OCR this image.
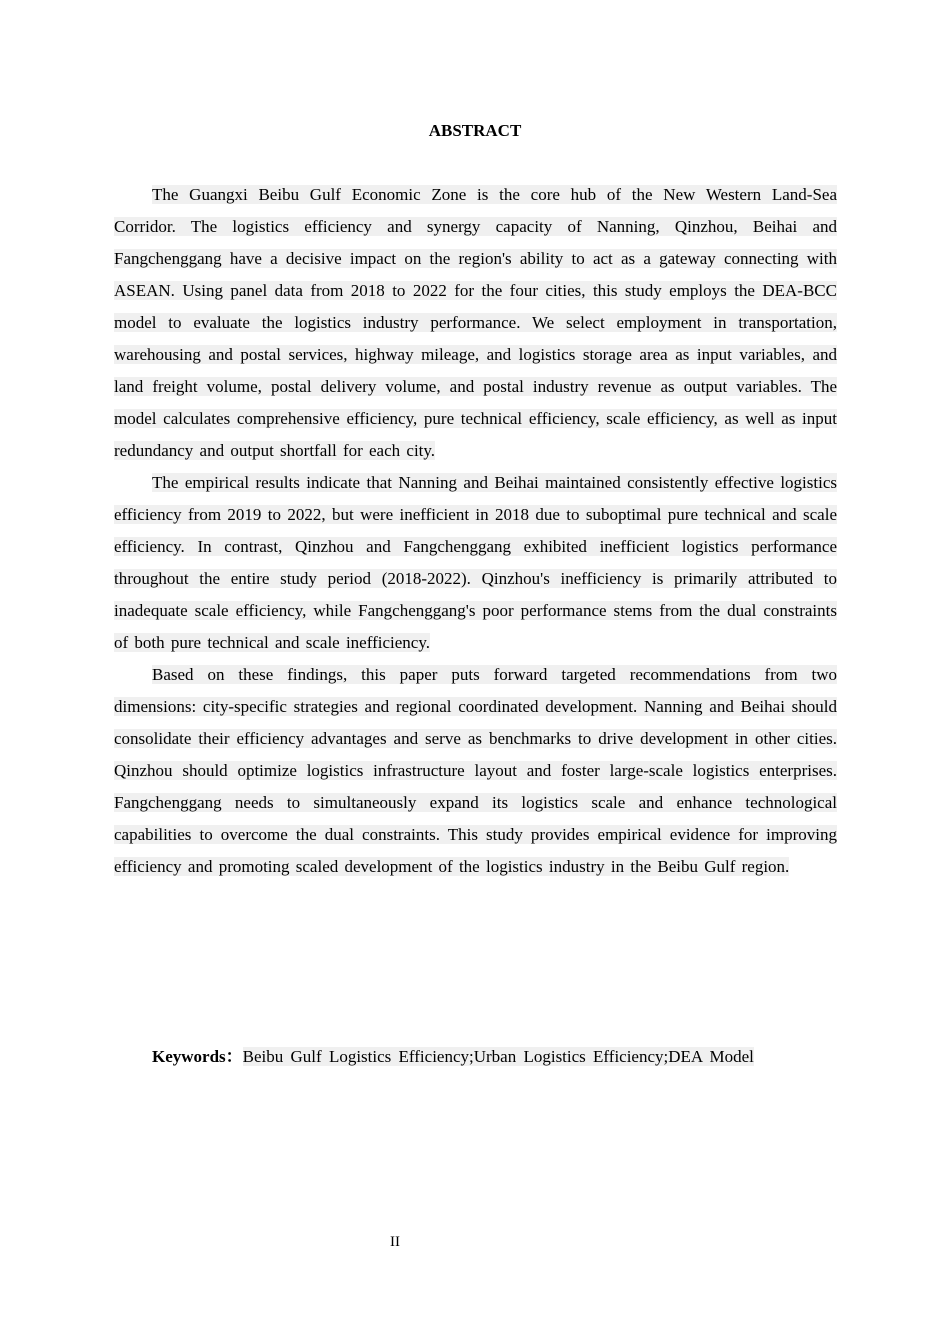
ABSTRACT

The Guangxi Beibu Gulf Economic Zone is the core hub of the New Western Land-Sea Corridor. The logistics efficiency and synergy capacity of Nanning, Qinzhou, Beihai and Fangchenggang have a decisive impact on the region's ability to act as a gateway connecting with ASEAN. Using panel data from 2018 to 2022 for the four cities, this study employs the DEA-BCC model to evaluate the logistics industry performance. We select employment in transportation, warehousing and postal services, highway mileage, and logistics storage area as input variables, and land freight volume, postal delivery volume, and postal industry revenue as output variables. The model calculates comprehensive efficiency, pure technical efficiency, scale efficiency, as well as input redundancy and output shortfall for each city.

The empirical results indicate that Nanning and Beihai maintained consistently effective logistics efficiency from 2019 to 2022, but were inefficient in 2018 due to suboptimal pure technical and scale efficiency. In contrast, Qinzhou and Fangchenggang exhibited inefficient logistics performance throughout the entire study period (2018-2022). Qinzhou's inefficiency is primarily attributed to inadequate scale efficiency, while Fangchenggang's poor performance stems from the dual constraints of both pure technical and scale inefficiency.

Based on these findings, this paper puts forward targeted recommendations from two dimensions: city-specific strategies and regional coordinated development. Nanning and Beihai should consolidate their efficiency advantages and serve as benchmarks to drive development in other cities. Qinzhou should optimize logistics infrastructure layout and foster large-scale logistics enterprises. Fangchenggang needs to simultaneously expand its logistics scale and enhance technological capabilities to overcome the dual constraints. This study provides empirical evidence for improving efficiency and promoting scaled development of the logistics industry in the Beibu Gulf region.

Keywords：Beibu Gulf Logistics Efficiency;Urban Logistics Efficiency;DEA Model
II
